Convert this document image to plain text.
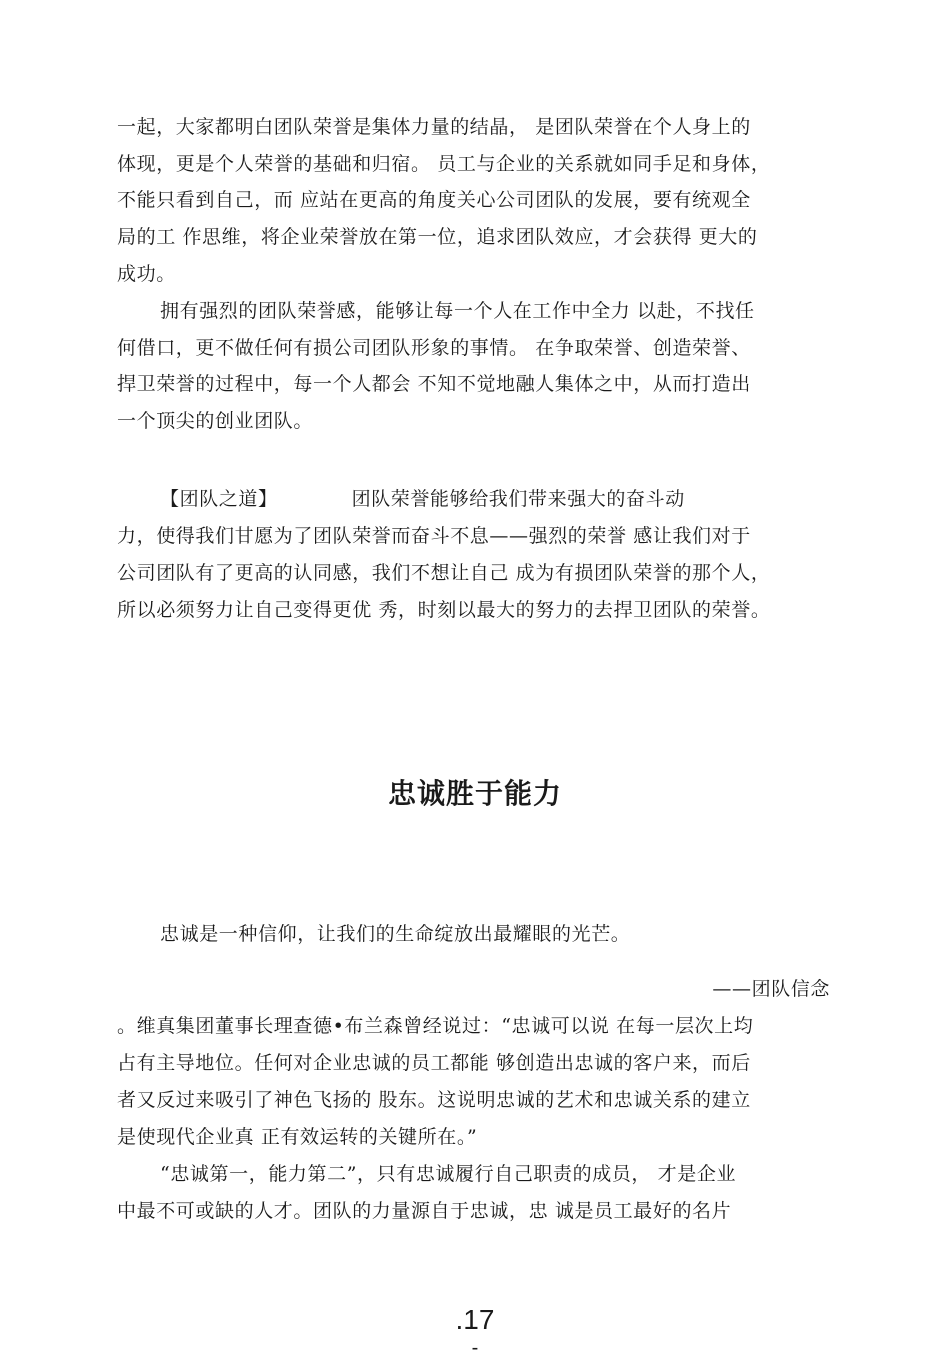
一起，大家都明白团队荣誉是集体力量的结晶， 是团队荣誉在个人身上的
体现，更是个人荣誉的基础和归宿。 员工与企业的关系就如同手足和身体，
不能只看到自己，而 应站在更高的角度关心公司团队的发展，要有统观全
局的工 作思维，将企业荣誉放在第一位，追求团队效应，才会获得 更大的
成功。
拥有强烈的团队荣誉感，能够让每一个人在工作中全力 以赴，不找任
何借口，更不做任何有损公司团队形象的事情。 在争取荣誉、创造荣誉、
捍卫荣誉的过程中，每一个人都会 不知不觉地融人集体之中，从而打造出
一个顶尖的创业团队。
【团队之道】	团队荣誉能够给我们带来强大的奋斗动
力，使得我们甘愿为了团队荣誉而奋斗不息——强烈的荣誉 感让我们对于
公司团队有了更高的认同感，我们不想让自己 成为有损团队荣誉的那个人，
所以必须努力让自己变得更优 秀，时刻以最大的努力的去捍卫团队的荣誉。
忠诚胜于能力
忠诚是一种信仰，让我们的生命绽放出最耀眼的光芒。
——团队信念
。维真集团董事长理查德•布兰森曾经说过：“忠诚可以说 在每一层次上均
占有主导地位。任何对企业忠诚的员工都能 够创造出忠诚的客户来，而后
者又反过来吸引了神色飞扬的 股东。这说明忠诚的艺术和忠诚关系的建立
是使现代企业真 正有效运转的关键所在。”
“忠诚第一，能力第二”，只有忠诚履行自己职责的成员， 才是企业
中最不可或缺的人才。团队的力量源自于忠诚，忠 诚是员工最好的名片
.17
-
